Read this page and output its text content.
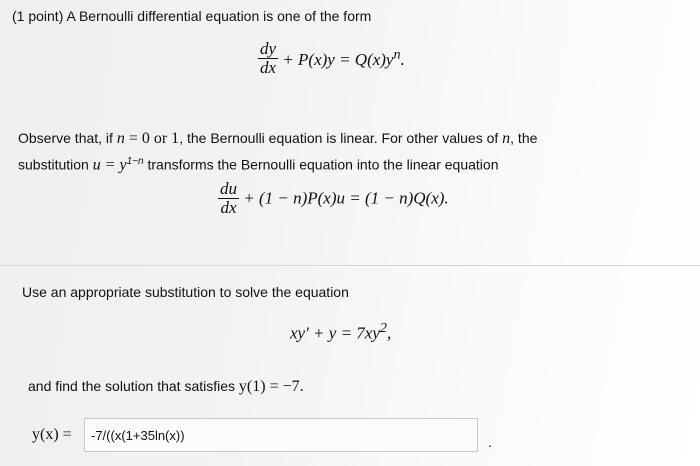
(1 point) A Bernoulli differential equation is one of the form
$\frac{dy}{dx} + P(x)y = Q(x)y^n$.
Observe that, if n = 0 or 1, the Bernoulli equation is linear. For other values of n, the
substitution $u = y^{1-n}$ transforms the Bernoulli equation into the linear equation
$\frac{du}{dx} + (1 - n)P(x)u = (1 - n)Q(x)$.
Use an appropriate substitution to solve the equation
$xy' + y = 7xy^2$,
and find the solution that satisfies y(1) = −7.
y(x) =	-7/((x(1+35ln(x))	.
